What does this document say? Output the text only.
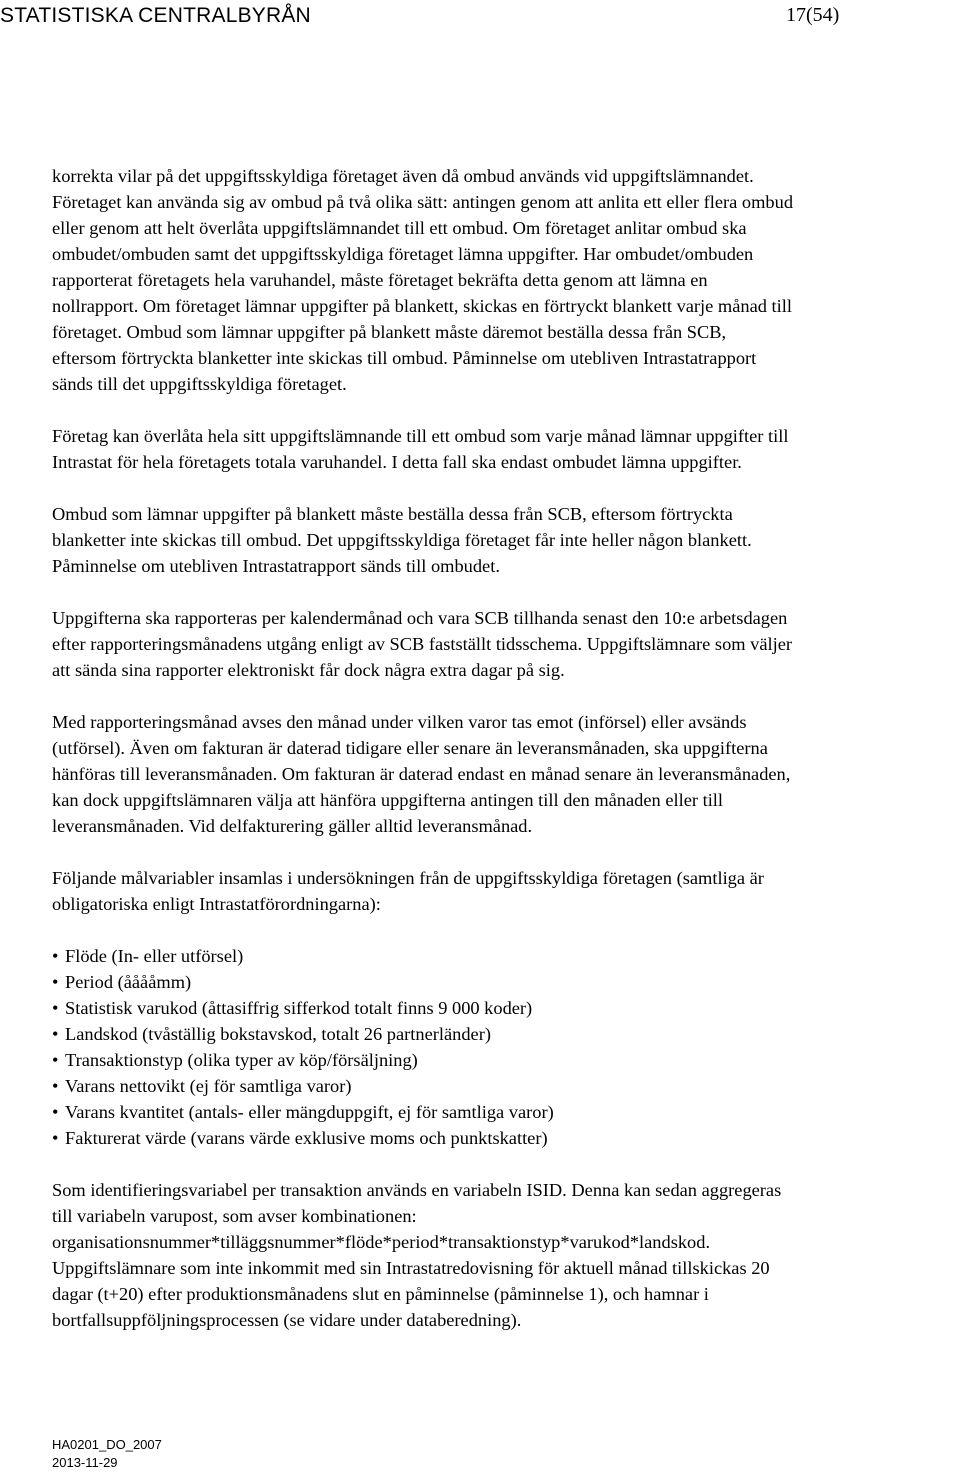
STATISTISKA CENTRALBYRÅN	17(54)
korrekta vilar på det uppgiftsskyldiga företaget även då ombud används vid uppgiftslämnandet.
Företaget kan använda sig av ombud på två olika sätt: antingen genom att anlita ett eller flera ombud
eller genom att helt överlåta uppgiftslämnandet till ett ombud. Om företaget anlitar ombud ska
ombudet/ombuden samt det uppgiftsskyldiga företaget lämna uppgifter. Har ombudet/ombuden
rapporterat företagets hela varuhandel, måste företaget bekräfta detta genom att lämna en
nollrapport. Om företaget lämnar uppgifter på blankett, skickas en förtryckt blankett varje månad till
företaget. Ombud som lämnar uppgifter på blankett måste däremot beställa dessa från SCB,
eftersom förtryckta blanketter inte skickas till ombud. Påminnelse om utebliven Intrastatrapport
sänds till det uppgiftsskyldiga företaget.
Företag kan överlåta hela sitt uppgiftslämnande till ett ombud som varje månad lämnar uppgifter till
Intrastat för hela företagets totala varuhandel. I detta fall ska endast ombudet lämna uppgifter.
Ombud som lämnar uppgifter på blankett måste beställa dessa från SCB, eftersom förtryckta
blanketter inte skickas till ombud. Det uppgiftsskyldiga företaget får inte heller någon blankett.
Påminnelse om utebliven Intrastatrapport sänds till ombudet.
Uppgifterna ska rapporteras per kalendermånad och vara SCB tillhanda senast den 10:e arbetsdagen
efter rapporteringsmånadens utgång enligt av SCB fastställt tidsschema. Uppgiftslämnare som väljer
att sända sina rapporter elektroniskt får dock några extra dagar på sig.
Med rapporteringsmånad avses den månad under vilken varor tas emot (införsel) eller avsänds
(utförsel). Även om fakturan är daterad tidigare eller senare än leveransmånaden, ska uppgifterna
hänföras till leveransmånaden. Om fakturan är daterad endast en månad senare än leveransmånaden,
kan dock uppgiftslämnaren välja att hänföra uppgifterna antingen till den månaden eller till
leveransmånaden. Vid delfakturering gäller alltid leveransmånad.
Följande målvariabler insamlas i undersökningen från de uppgiftsskyldiga företagen (samtliga är
obligatoriska enligt Intrastatförordningarna):
• Flöde (In- eller utförsel)
• Period (ååååmm)
• Statistisk varukod (åttasiffrig sifferkod totalt finns 9 000 koder)
• Landskod (tvåställig bokstavskod, totalt 26 partnerländer)
• Transaktionstyp (olika typer av köp/försäljning)
• Varans nettovikt (ej för samtliga varor)
• Varans kvantitet (antals- eller mängduppgift, ej för samtliga varor)
• Fakturerat värde (varans värde exklusive moms och punktskatter)
Som identifieringsvariabel per transaktion används en variabeln ISID. Denna kan sedan aggregeras
till variabeln varupost, som avser kombinationen:
organisationsnummer*tilläggsnummer*flöde*period*transaktionstyp*varukod*landskod.
Uppgiftslämnare som inte inkommit med sin Intrastatredovisning för aktuell månad tillskickas 20
dagar (t+20) efter produktionsmånadens slut en påminnelse (påminnelse 1), och hamnar i
bortfallsuppföljningsprocessen (se vidare under databeredning).
HA0201_DO_2007
2013-11-29
